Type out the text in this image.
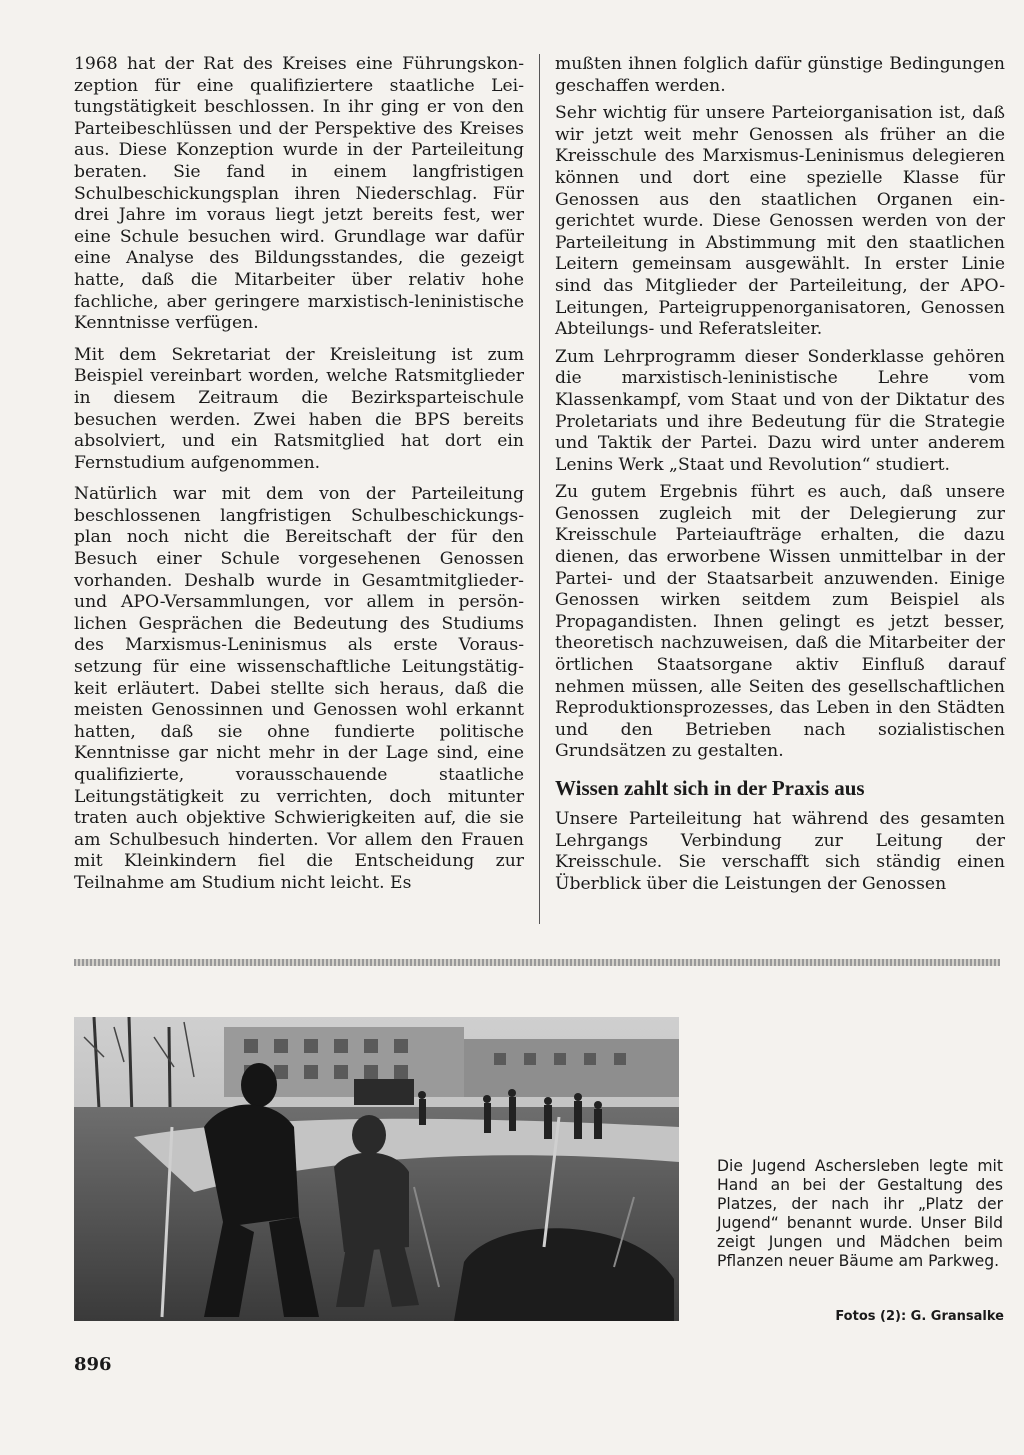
1968 hat der Rat des Kreises eine Führungskonzeption für eine qualifiziertere staatliche Leitungstätigkeit beschlossen. In ihr ging er von den Parteibeschlüssen und der Perspektive des Kreises aus. Diese Konzeption wurde in der Parteileitung beraten. Sie fand in einem langfristigen Schulbeschickungsplan ihren Niederschlag. Für drei Jahre im voraus liegt jetzt bereits fest, wer eine Schule besuchen wird. Grundlage war dafür eine Analyse des Bildungsstandes, die gezeigt hatte, daß die Mitarbeiter über relativ hohe fachliche, aber geringere marxistisch-leninistische Kenntnisse verfügen.

Mit dem Sekretariat der Kreisleitung ist zum Beispiel vereinbart worden, welche Ratsmitglieder in diesem Zeitraum die Bezirksparteischule besuchen werden. Zwei haben die BPS bereits absolviert, und ein Ratsmitglied hat dort ein Fernstudium aufgenommen.

Natürlich war mit dem von der Parteileitung beschlossenen langfristigen Schulbeschickungsplan noch nicht die Bereitschaft der für den Besuch einer Schule vorgesehenen Genossen vorhanden. Deshalb wurde in Gesamtmitglieder- und APO-Versammlungen, vor allem in persönlichen Gesprächen die Bedeutung des Studiums des Marxismus-Leninismus als erste Voraussetzung für eine wissenschaftliche Leitungstätigkeit erläutert. Dabei stellte sich heraus, daß die meisten Genossinnen und Genossen wohl erkannt hatten, daß sie ohne fundierte politische Kenntnisse gar nicht mehr in der Lage sind, eine qualifizierte, vorausschauende staatliche Leitungstätigkeit zu verrichten, doch mitunter traten auch objektive Schwierigkeiten auf, die sie am Schulbesuch hinderten. Vor allem den Frauen mit Kleinkindern fiel die Entscheidung zur Teilnahme am Studium nicht leicht. Es

mußten ihnen folglich dafür günstige Bedingungen geschaffen werden.

Sehr wichtig für unsere Parteiorganisation ist, daß wir jetzt weit mehr Genossen als früher an die Kreisschule des Marxismus-Leninismus delegieren können und dort eine spezielle Klasse für Genossen aus den staatlichen Organen eingerichtet wurde. Diese Genossen werden von der Parteileitung in Abstimmung mit den staatlichen Leitern gemeinsam ausgewählt. In erster Linie sind das Mitglieder der Parteileitung, der APO-Leitungen, Parteigruppenorganisatoren, Genossen Abteilungs- und Referatsleiter.

Zum Lehrprogramm dieser Sonderklasse gehören die marxistisch-leninistische Lehre vom Klassenkampf, vom Staat und von der Diktatur des Proletariats und ihre Bedeutung für die Strategie und Taktik der Partei. Dazu wird unter anderem Lenins Werk „Staat und Revolution“ studiert.

Zu gutem Ergebnis führt es auch, daß unsere Genossen zugleich mit der Delegierung zur Kreisschule Parteiaufträge erhalten, die dazu dienen, das erworbene Wissen unmittelbar in der Partei- und der Staatsarbeit anzuwenden. Einige Genossen wirken seitdem zum Beispiel als Propagandisten. Ihnen gelingt es jetzt besser, theoretisch nachzuweisen, daß die Mitarbeiter der örtlichen Staatsorgane aktiv Einfluß darauf nehmen müssen, alle Seiten des gesellschaftlichen Reproduktionsprozesses, das Leben in den Städten und den Betrieben nach sozialistischen Grundsätzen zu gestalten.

Wissen zahlt sich in der Praxis aus

Unsere Parteileitung hat während des gesamten Lehrgangs Verbindung zur Leitung der Kreisschule. Sie verschafft sich ständig einen Überblick über die Leistungen der Genossen

Die Jugend Aschersleben legte mit Hand an bei der Gestaltung des Platzes, der nach ihr „Platz der Jugend“ benannt wurde. Unser Bild zeigt Jungen und Mädchen beim Pflanzen neuer Bäume am Parkweg.

Fotos (2): G. Gransalke
896
